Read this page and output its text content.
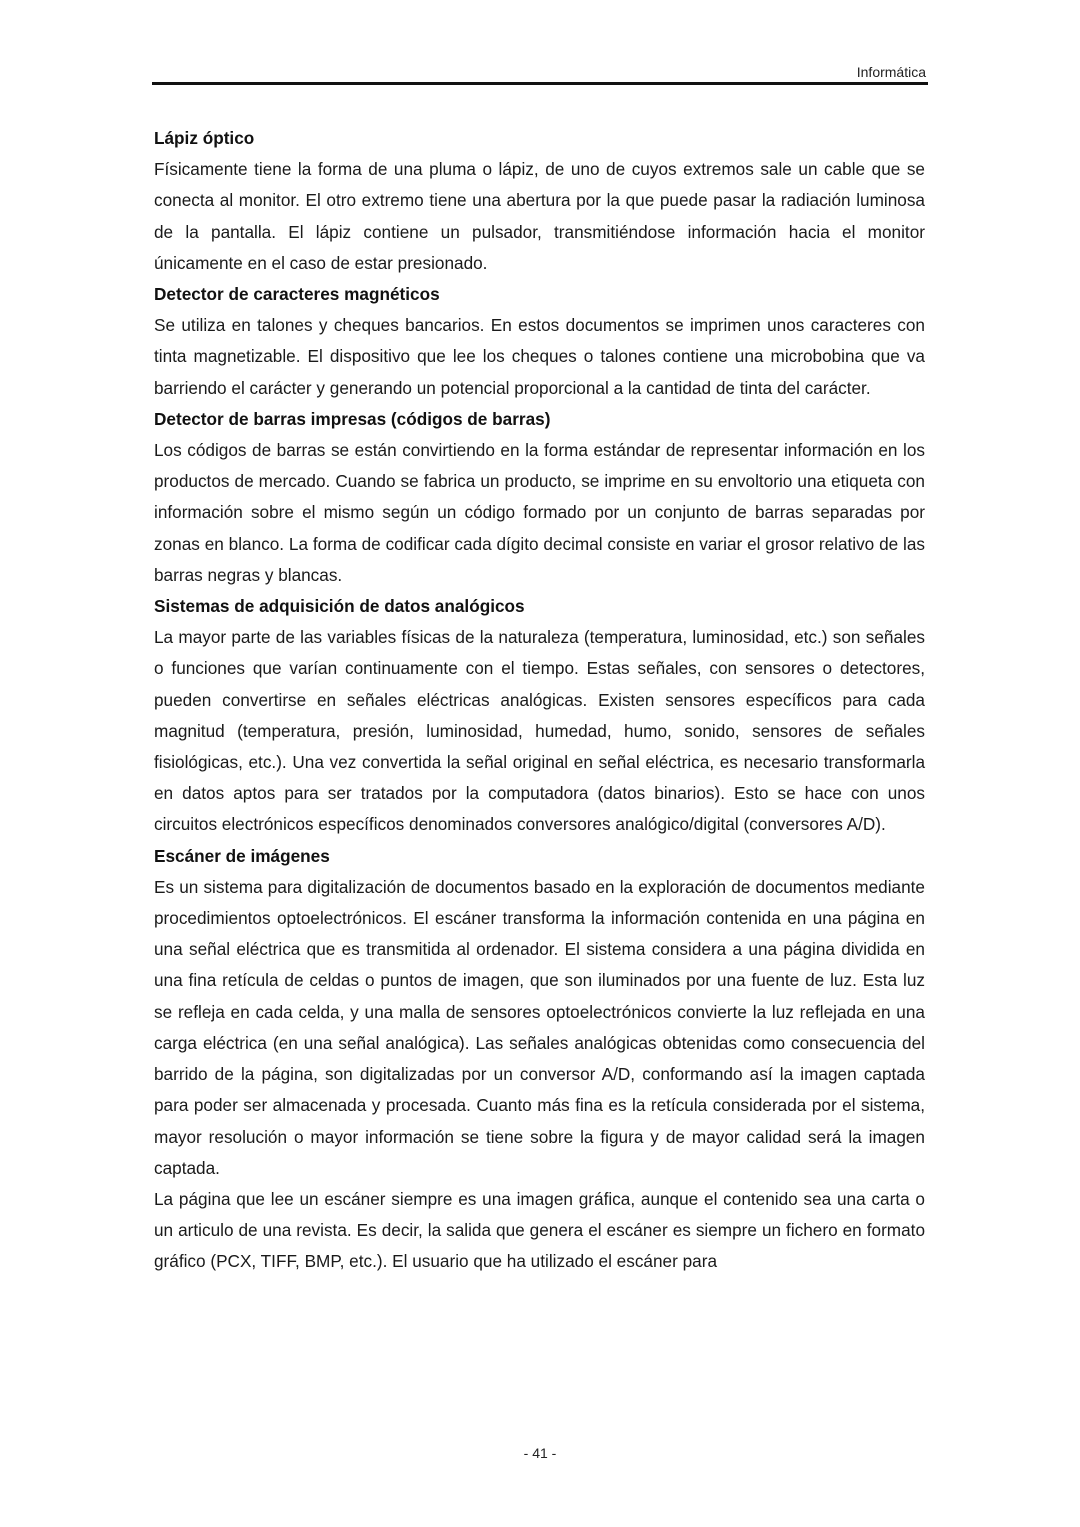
Informática
Lápiz óptico

Físicamente tiene la forma de una pluma o lápiz, de uno de cuyos extremos sale un cable que se conecta al monitor. El otro extremo tiene una abertura por la que puede pasar la radiación luminosa de la pantalla. El lápiz contiene un pulsador, transmitiéndose información hacia el monitor únicamente en el caso de estar presionado.

Detector de caracteres magnéticos

Se utiliza en talones y cheques bancarios. En estos documentos se imprimen unos caracteres con tinta magnetizable. El dispositivo que lee los cheques o talones contiene una microbobina que va barriendo el carácter y generando un potencial proporcional a la cantidad de tinta del carácter.

Detector de barras impresas (códigos de barras)

Los códigos de barras se están convirtiendo en la forma estándar de representar información en los productos de mercado. Cuando se fabrica un producto, se imprime en su envoltorio una etiqueta con información sobre el mismo según un código formado por un conjunto de barras separadas por zonas en blanco. La forma de codificar cada dígito decimal consiste en variar el grosor relativo de las barras negras y blancas.

Sistemas de adquisición de datos analógicos

La mayor parte de las variables físicas de la naturaleza (temperatura, luminosidad, etc.) son señales o funciones que varían continuamente con el tiempo. Estas señales, con sensores o detectores, pueden convertirse en señales eléctricas analógicas. Existen sensores específicos para cada magnitud (temperatura, presión, luminosidad, humedad, humo, sonido, sensores de señales fisiológicas, etc.). Una vez convertida la señal original en señal eléctrica, es necesario transformarla en datos aptos para ser tratados por la computadora (datos binarios). Esto se hace con unos circuitos electrónicos específicos denominados conversores analógico/digital (conversores A/D).

Escáner de imágenes

Es un sistema para digitalización de documentos basado en la exploración de documentos mediante procedimientos optoelectrónicos. El escáner transforma la información contenida en una página en una señal eléctrica que es transmitida al ordenador. El sistema considera a una página dividida en una fina retícula de celdas o puntos de imagen, que son iluminados por una fuente de luz. Esta luz se refleja en cada celda, y una malla de sensores optoelectrónicos convierte la luz reflejada en una carga eléctrica (en una señal analógica). Las señales analógicas obtenidas como consecuencia del barrido de la página, son digitalizadas por un conversor A/D, conformando así la imagen captada para poder ser almacenada y procesada. Cuanto más fina es la retícula considerada por el sistema, mayor resolución o mayor información se tiene sobre la figura y de mayor calidad será la imagen captada.

La página que lee un escáner siempre es una imagen gráfica, aunque el contenido sea una carta o un articulo de una revista. Es decir, la salida que genera el escáner es siempre un fichero en formato gráfico (PCX, TIFF, BMP, etc.). El usuario que ha utilizado el escáner para

- 41 -
